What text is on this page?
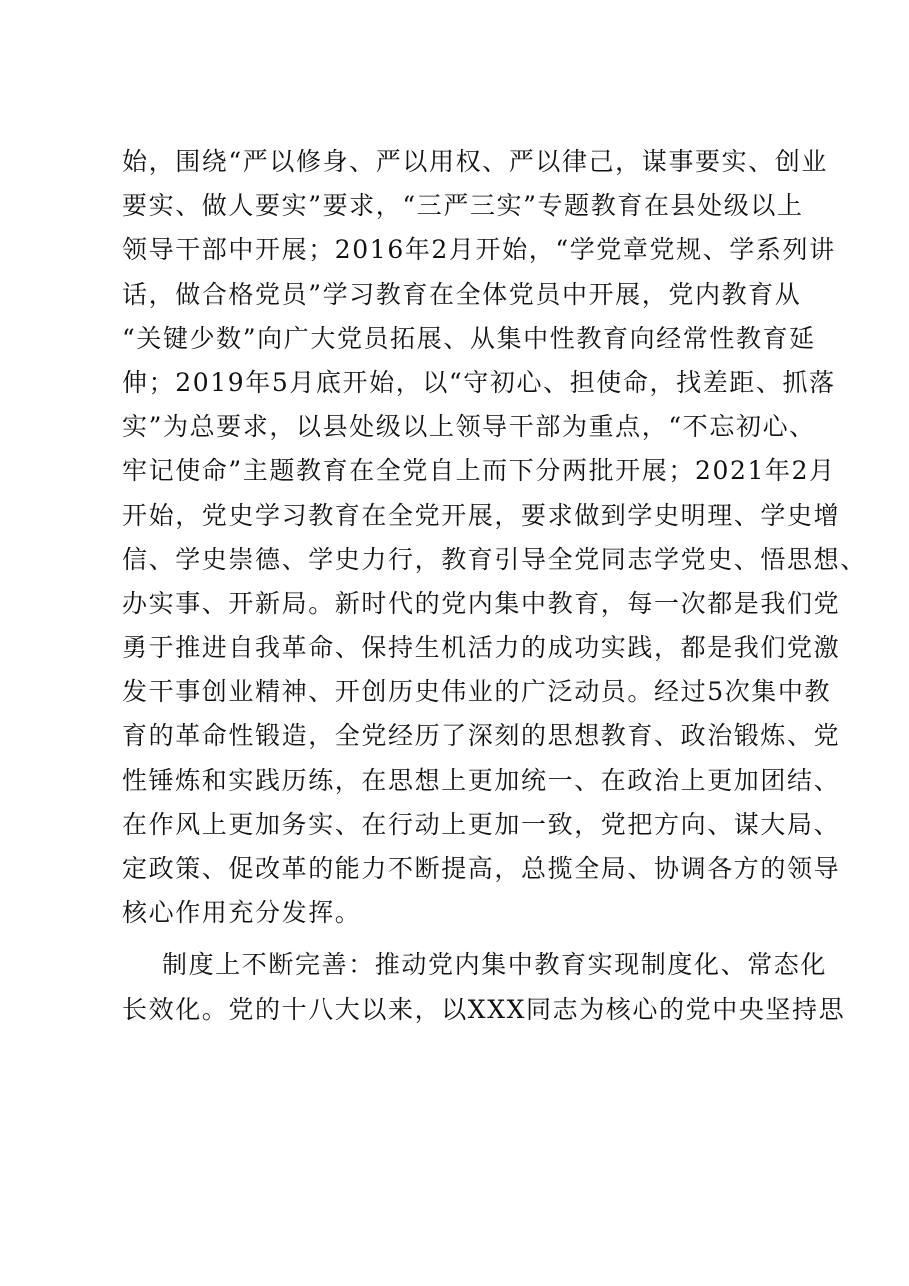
始，围绕“严以修身、严以用权、严以律己，谋事要实、创业
要实、做人要实”要求，“三严三实”专题教育在县处级以上
领导干部中开展；2016年2月开始，“学党章党规、学系列讲
话，做合格党员”学习教育在全体党员中开展，党内教育从
“关键少数”向广大党员拓展、从集中性教育向经常性教育延
伸；2019年5月底开始，以“守初心、担使命，找差距、抓落
实”为总要求，以县处级以上领导干部为重点，“不忘初心、
牢记使命”主题教育在全党自上而下分两批开展；2021年2月
开始，党史学习教育在全党开展，要求做到学史明理、学史增
信、学史崇德、学史力行，教育引导全党同志学党史、悟思想、
办实事、开新局。新时代的党内集中教育，每一次都是我们党
勇于推进自我革命、保持生机活力的成功实践，都是我们党激
发干事创业精神、开创历史伟业的广泛动员。经过5次集中教
育的革命性锻造，全党经历了深刻的思想教育、政治锻炼、党
性锤炼和实践历练，在思想上更加统一、在政治上更加团结、
在作风上更加务实、在行动上更加一致，党把方向、谋大局、
定政策、促改革的能力不断提高，总揽全局、协调各方的领导
核心作用充分发挥。
制度上不断完善：推动党内集中教育实现制度化、常态化
长效化。党的十八大以来，以XXX同志为核心的党中央坚持思
